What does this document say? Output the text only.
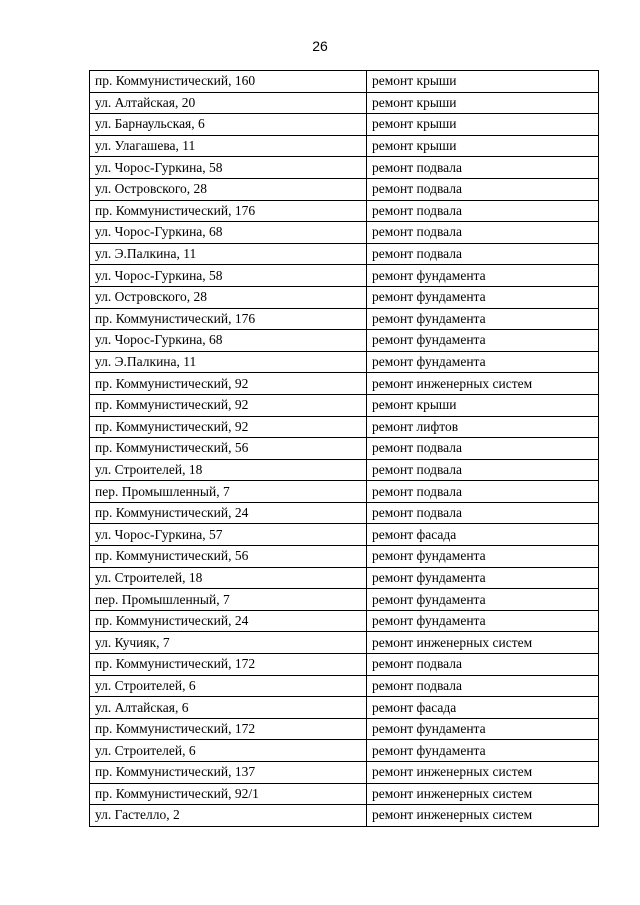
26
пр. Коммунистический, 160	ремонт крыши
ул. Алтайская, 20	ремонт крыши
ул. Барнаульская, 6	ремонт крыши
ул. Улагашева, 11	ремонт крыши
ул. Чорос-Гуркина, 58	ремонт подвала
ул. Островского, 28	ремонт подвала
пр. Коммунистический, 176	ремонт подвала
ул. Чорос-Гуркина, 68	ремонт подвала
ул. Э.Палкина, 11	ремонт подвала
ул. Чорос-Гуркина, 58	ремонт фундамента
ул. Островского, 28	ремонт фундамента
пр. Коммунистический, 176	ремонт фундамента
ул. Чорос-Гуркина, 68	ремонт фундамента
ул. Э.Палкина, 11	ремонт фундамента
пр. Коммунистический, 92	ремонт инженерных систем
пр. Коммунистический, 92	ремонт крыши
пр. Коммунистический, 92	ремонт лифтов
пр. Коммунистический, 56	ремонт подвала
ул. Строителей, 18	ремонт подвала
пер. Промышленный, 7	ремонт подвала
пр. Коммунистический, 24	ремонт подвала
ул. Чорос-Гуркина, 57	ремонт фасада
пр. Коммунистический, 56	ремонт фундамента
ул. Строителей, 18	ремонт фундамента
пер. Промышленный, 7	ремонт фундамента
пр. Коммунистический, 24	ремонт фундамента
ул. Кучияк, 7	ремонт инженерных систем
пр. Коммунистический, 172	ремонт подвала
ул. Строителей, 6	ремонт подвала
ул. Алтайская, 6	ремонт фасада
пр. Коммунистический, 172	ремонт фундамента
ул. Строителей, 6	ремонт фундамента
пр. Коммунистический, 137	ремонт инженерных систем
пр. Коммунистический, 92/1	ремонт инженерных систем
ул. Гастелло, 2	ремонт инженерных систем
